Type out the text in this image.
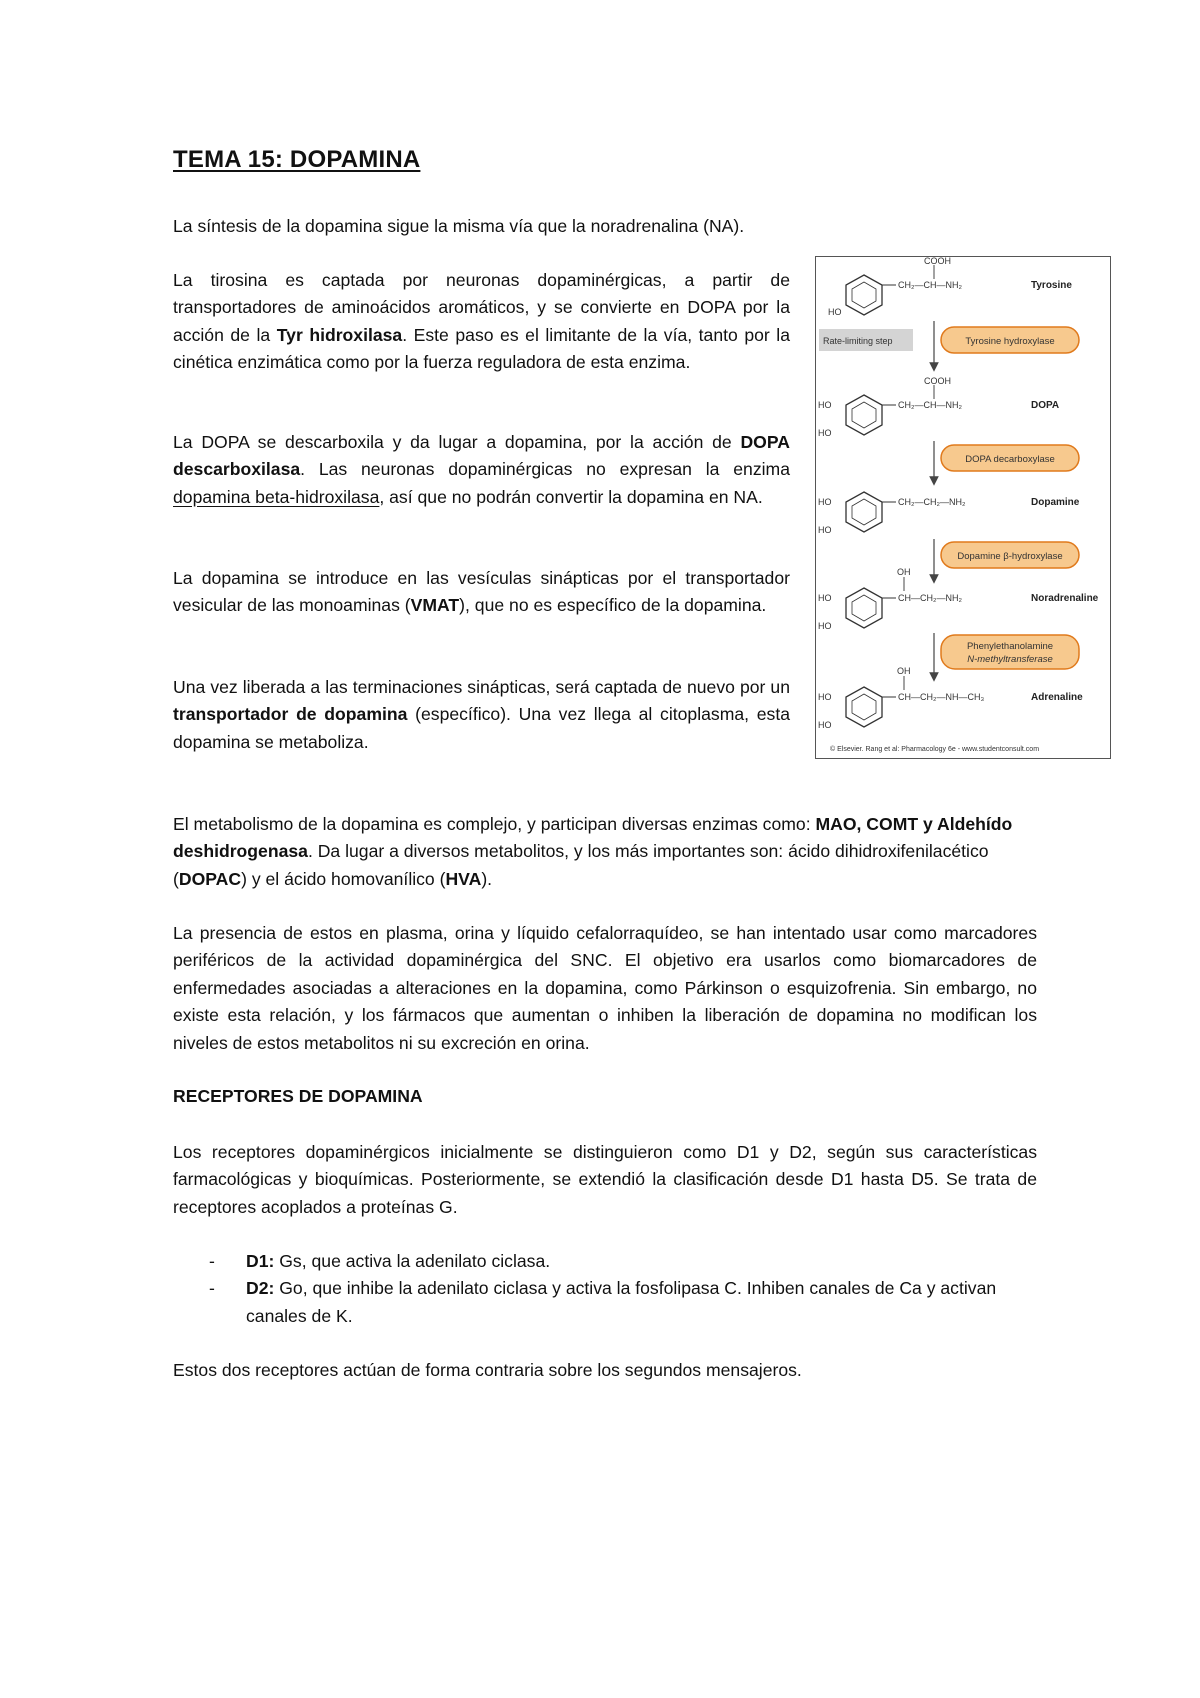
TEMA 15: DOPAMINA

La síntesis de la dopamina sigue la misma vía que la noradrenalina (NA).

La tirosina es captada por neuronas dopaminérgicas, a partir de transportadores de aminoácidos aromáticos, y se convierte en DOPA por la acción de la Tyr hidroxilasa. Este paso es el limitante de la vía, tanto por la cinética enzimática como por la fuerza reguladora de esta enzima.

La DOPA se descarboxila y da lugar a dopamina, por la acción de DOPA descarboxilasa. Las neuronas dopaminérgicas no expresan la enzima dopamina beta-hidroxilasa, así que no podrán convertir la dopamina en NA.

La dopamina se introduce en las vesículas sinápticas por el transportador vesicular de las monoaminas (VMAT), que no es específico de la dopamina.

Una vez liberada a las terminaciones sinápticas, será captada de nuevo por un transportador de dopamina (específico). Una vez llega al citoplasma, esta dopamina se metaboliza.

El metabolismo de la dopamina es complejo, y participan diversas enzimas como: MAO, COMT y Aldehído deshidrogenasa. Da lugar a diversos metabolitos, y los más importantes son: ácido dihidroxifenilacético (DOPAC) y el ácido homovanílico (HVA).

La presencia de estos en plasma, orina y líquido cefalorraquídeo, se han intentado usar como marcadores periféricos de la actividad dopaminérgica del SNC. El objetivo era usarlos como biomarcadores de enfermedades asociadas a alteraciones en la dopamina, como Párkinson o esquizofrenia. Sin embargo, no existe esta relación, y los fármacos que aumentan o inhiben la liberación de dopamina no modifican los niveles de estos metabolitos ni su excreción en orina.

RECEPTORES DE DOPAMINA

Los receptores dopaminérgicos inicialmente se distinguieron como D1 y D2, según sus características farmacológicas y bioquímicas. Posteriormente, se extendió la clasificación desde D1 hasta D5. Se trata de receptores acoplados a proteínas G.

-	D1: Gs, que activa la adenilato ciclasa.
-	D2: Go, que inhibe la adenilato ciclasa y activa la fosfolipasa C. Inhiben canales de Ca y activan canales de K.

Estos dos receptores actúan de forma contraria sobre los segundos mensajeros.

HO
COOH
CH₂—CH—NH₂	Tyrosine
Rate-limiting step	Tyrosine hydroxylase
HO
HO
COOH
CH₂—CH—NH₂	DOPA
DOPA decarboxylase
HO
HO
CH₂—CH₂—NH₂	Dopamine
Dopamine β-hydroxylase
HO
HO
OH
CH—CH₂—NH₂	Noradrenaline
Phenylethanolamine
N-methyltransferase
HO
HO
OH
CH—CH₂—NH—CH₃	Adrenaline
© Elsevier. Rang et al: Pharmacology 6e - www.studentconsult.com
